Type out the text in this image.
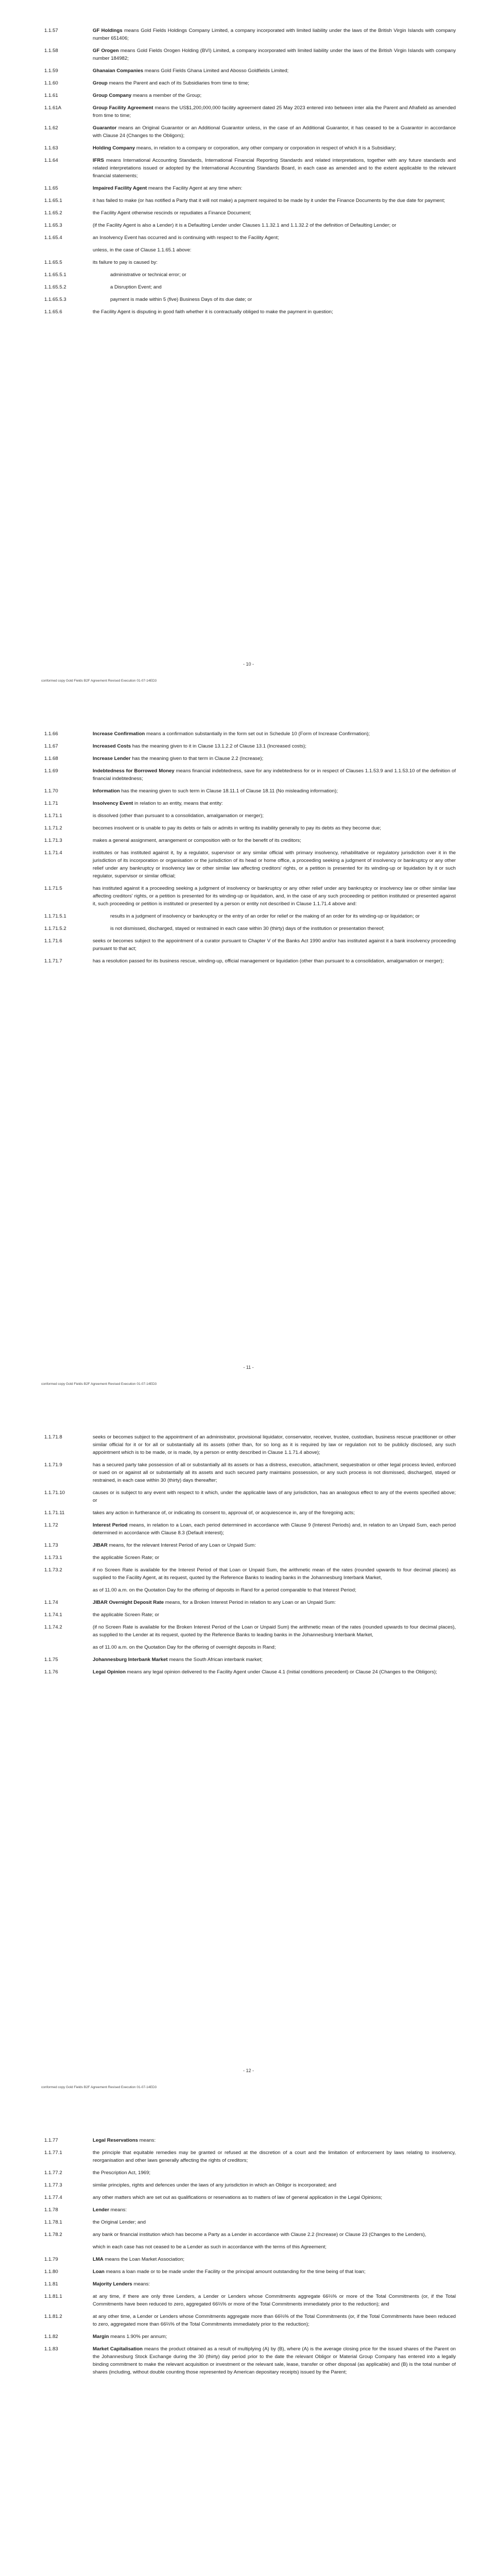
1.1.57	GF Holdings means Gold Fields Holdings Company Limited, a company incorporated with limited liability under the laws of the British Virgin Islands with company number 651406;
1.1.58	GF Orogen means Gold Fields Orogen Holding (BVI) Limited, a company incorporated with limited liability under the laws of the British Virgin Islands with company number 184982;
1.1.59	Ghanaian Companies means Gold Fields Ghana Limited and Abosso Goldfields Limited;
1.1.60	Group means the Parent and each of its Subsidiaries from time to time;
1.1.61	Group Company means a member of the Group;
1.1.61A	Group Facility Agreement means the US$1,200,000,000 facility agreement dated 25 May 2023 entered into between inter alia the Parent and Afrafield as amended from time to time;
1.1.62	Guarantor means an Original Guarantor or an Additional Guarantor unless, in the case of an Additional Guarantor, it has ceased to be a Guarantor in accordance with Clause 24 (Changes to the Obligors);
1.1.63	Holding Company means, in relation to a company or corporation, any other company or corporation in respect of which it is a Subsidiary;
1.1.64	IFRS means International Accounting Standards, International Financial Reporting Standards and related interpretations, together with any future standards and related interpretations issued or adopted by the International Accounting Standards Board, in each case as amended and to the extent applicable to the relevant financial statements;
1.1.65	Impaired Facility Agent means the Facility Agent at any time when:
1.1.65.1	it has failed to make (or has notified a Party that it will not make) a payment required to be made by it under the Finance Documents by the due date for payment;
1.1.65.2	the Facility Agent otherwise rescinds or repudiates a Finance Document;
1.1.65.3	(if the Facility Agent is also a Lender) it is a Defaulting Lender under Clauses 1.1.32.1 and 1.1.32.2 of the definition of Defaulting Lender; or
1.1.65.4	an Insolvency Event has occurred and is continuing with respect to the Facility Agent;
unless, in the case of Clause 1.1.65.1 above:
1.1.65.5	its failure to pay is caused by:
1.1.65.5.1	administrative or technical error; or
1.1.65.5.2	a Disruption Event; and
1.1.65.5.3	payment is made within 5 (five) Business Days of its due date; or
1.1.65.6	the Facility Agent is disputing in good faith whether it is contractually obliged to make the payment in question;
- 10 -
conformed copy Gold Fields B2F Agreement Revised Execution 01-07-14ED3
1.1.66	Increase Confirmation means a confirmation substantially in the form set out in Schedule 10 (Form of Increase Confirmation);
1.1.67	Increased Costs has the meaning given to it in Clause 13.1.2.2 of Clause 13.1 (Increased costs);
1.1.68	Increase Lender has the meaning given to that term in Clause 2.2 (Increase);
1.1.69	Indebtedness for Borrowed Money means financial indebtedness, save for any indebtedness for or in respect of Clauses 1.1.53.9 and 1.1.53.10 of the definition of financial indebtedness;
1.1.70	Information has the meaning given to such term in Clause 18.11.1 of Clause 18.11 (No misleading information);
1.1.71	Insolvency Event in relation to an entity, means that entity:
1.1.71.1	is dissolved (other than pursuant to a consolidation, amalgamation or merger);
1.1.71.2	becomes insolvent or is unable to pay its debts or fails or admits in writing its inability generally to pay its debts as they become due;
1.1.71.3	makes a general assignment, arrangement or composition with or for the benefit of its creditors;
1.1.71.4	institutes or has instituted against it, by a regulator, supervisor or any similar official with primary insolvency, rehabilitative or regulatory jurisdiction over it in the jurisdiction of its incorporation or organisation or the jurisdiction of its head or home office, a proceeding seeking a judgment of insolvency or bankruptcy or any other relief under any bankruptcy or insolvency law or other similar law affecting creditors' rights, or a petition is presented for its winding-up or liquidation by it or such regulator, supervisor or similar official;
1.1.71.5	has instituted against it a proceeding seeking a judgment of insolvency or bankruptcy or any other relief under any bankruptcy or insolvency law or other similar law affecting creditors' rights, or a petition is presented for its winding-up or liquidation, and, in the case of any such proceeding or petition instituted or presented against it, such proceeding or petition is instituted or presented by a person or entity not described in Clause 1.1.71.4 above and:
1.1.71.5.1	results in a judgment of insolvency or bankruptcy or the entry of an order for relief or the making of an order for its winding-up or liquidation; or
1.1.71.5.2	is not dismissed, discharged, stayed or restrained in each case within 30 (thirty) days of the institution or presentation thereof;
1.1.71.6	seeks or becomes subject to the appointment of a curator pursuant to Chapter V of the Banks Act 1990 and/or has instituted against it a bank insolvency proceeding pursuant to that act;
1.1.71.7	has a resolution passed for its business rescue, winding-up, official management or liquidation (other than pursuant to a consolidation, amalgamation or merger);
- 11 -
conformed copy Gold Fields B2F Agreement Revised Execution 01-07-14ED3
1.1.71.8	seeks or becomes subject to the appointment of an administrator, provisional liquidator, conservator, receiver, trustee, custodian, business rescue practitioner or other similar official for it or for all or substantially all its assets (other than, for so long as it is required by law or regulation not to be publicly disclosed, any such appointment which is to be made, or is made, by a person or entity described in Clause 1.1.71.4 above);
1.1.71.9	has a secured party take possession of all or substantially all its assets or has a distress, execution, attachment, sequestration or other legal process levied, enforced or sued on or against all or substantially all its assets and such secured party maintains possession, or any such process is not dismissed, discharged, stayed or restrained, in each case within 30 (thirty) days thereafter;
1.1.71.10	causes or is subject to any event with respect to it which, under the applicable laws of any jurisdiction, has an analogous effect to any of the events specified above; or
1.1.71.11	takes any action in furtherance of, or indicating its consent to, approval of, or acquiescence in, any of the foregoing acts;
1.1.72	Interest Period means, in relation to a Loan, each period determined in accordance with Clause 9 (Interest Periods) and, in relation to an Unpaid Sum, each period determined in accordance with Clause 8.3 (Default interest);
1.1.73	JIBAR means, for the relevant Interest Period of any Loan or Unpaid Sum:
1.1.73.1	the applicable Screen Rate; or
1.1.73.2	if no Screen Rate is available for the Interest Period of that Loan or Unpaid Sum, the arithmetic mean of the rates (rounded upwards to four decimal places) as supplied to the Facility Agent, at its request, quoted by the Reference Banks to leading banks in the Johannesburg Interbank Market,
as of 11.00 a.m. on the Quotation Day for the offering of deposits in Rand for a period comparable to that Interest Period;
1.1.74	JIBAR Overnight Deposit Rate means, for a Broken Interest Period in relation to any Loan or an Unpaid Sum:
1.1.74.1	the applicable Screen Rate; or
1.1.74.2	(if no Screen Rate is available for the Broken Interest Period of the Loan or Unpaid Sum) the arithmetic mean of the rates (rounded upwards to four decimal places), as supplied to the Lender at its request, quoted by the Reference Banks to leading banks in the Johannesburg Interbank Market,
as of 11.00 a.m. on the Quotation Day for the offering of overnight deposits in Rand;
1.1.75	Johannesburg Interbank Market means the South African interbank market;
1.1.76	Legal Opinion means any legal opinion delivered to the Facility Agent under Clause 4.1 (Initial conditions precedent) or Clause 24 (Changes to the Obligors);
- 12 -
conformed copy Gold Fields B2F Agreement Revised Execution 01-07-14ED3
1.1.77	Legal Reservations means:
1.1.77.1	the principle that equitable remedies may be granted or refused at the discretion of a court and the limitation of enforcement by laws relating to insolvency, reorganisation and other laws generally affecting the rights of creditors;
1.1.77.2	the Prescription Act, 1969;
1.1.77.3	similar principles, rights and defences under the laws of any jurisdiction in which an Obligor is incorporated; and
1.1.77.4	any other matters which are set out as qualifications or reservations as to matters of law of general application in the Legal Opinions;
1.1.78	Lender means:
1.1.78.1	the Original Lender; and
1.1.78.2	any bank or financial institution which has become a Party as a Lender in accordance with Clause 2.2 (Increase) or Clause 23 (Changes to the Lenders),
which in each case has not ceased to be a Lender as such in accordance with the terms of this Agreement;
1.1.79	LMA means the Loan Market Association;
1.1.80	Loan means a loan made or to be made under the Facility or the principal amount outstanding for the time being of that loan;
1.1.81	Majority Lenders means:
1.1.81.1	at any time, if there are only three Lenders, a Lender or Lenders whose Commitments aggregate 66⅔% or more of the Total Commitments (or, if the Total Commitments have been reduced to zero, aggregated 66⅔% or more of the Total Commitments immediately prior to the reduction); and
1.1.81.2	at any other time, a Lender or Lenders whose Commitments aggregate more than 66⅔% of the Total Commitments (or, if the Total Commitments have been reduced to zero, aggregated more than 66⅔% of the Total Commitments immediately prior to the reduction);
1.1.82	Margin means 1.90% per annum;
1.1.83	Market Capitalisation means the product obtained as a result of multiplying (A) by (B), where (A) is the average closing price for the issued shares of the Parent on the Johannesburg Stock Exchange during the 30 (thirty) day period prior to the date the relevant Obligor or Material Group Company has entered into a legally binding commitment to make the relevant acquisition or investment or the relevant sale, lease, transfer or other disposal (as applicable) and (B) is the total number of shares (including, without double counting those represented by American depositary receipts) issued by the Parent;
